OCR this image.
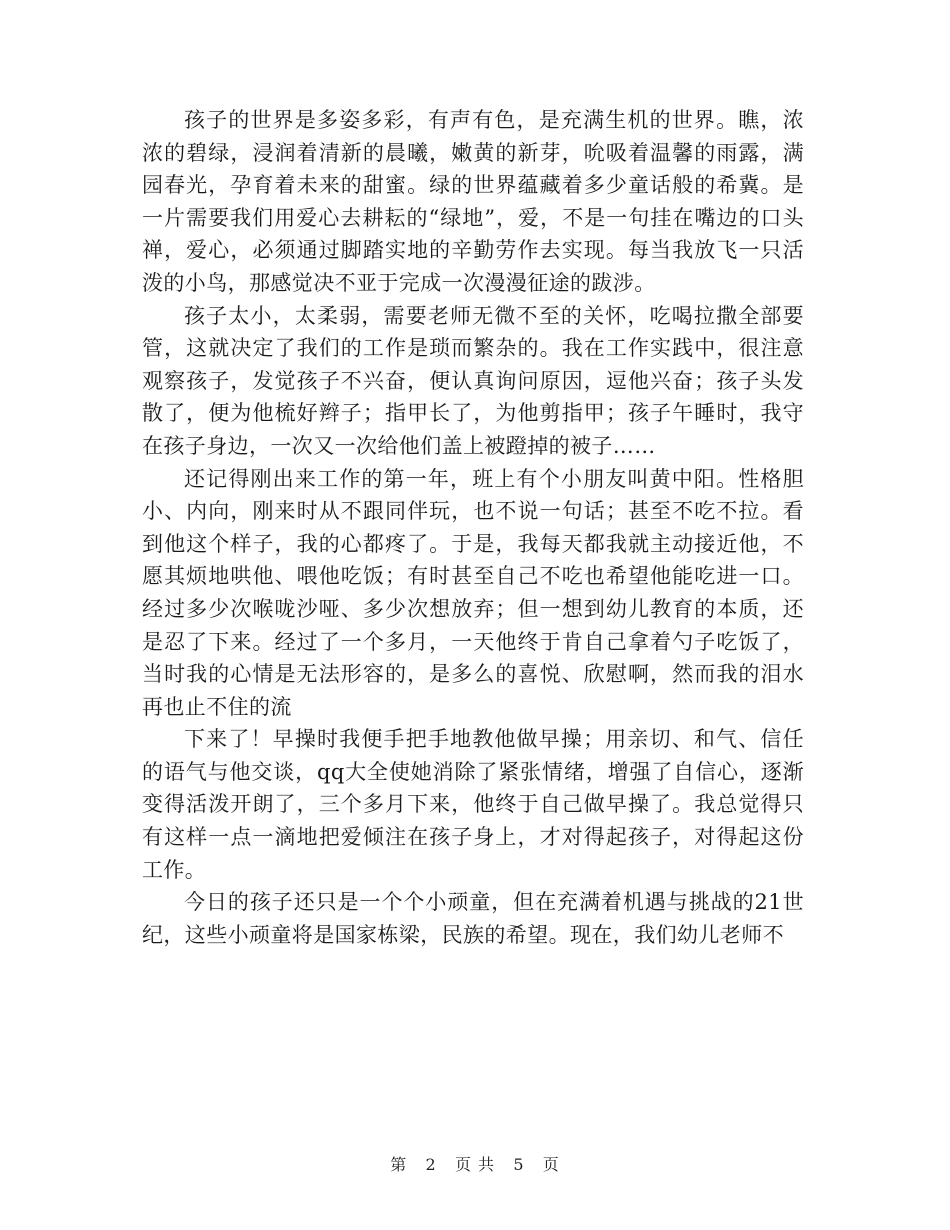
孩子的世界是多姿多彩，有声有色，是充满生机的世界。瞧，浓浓的碧绿，浸润着清新的晨曦，嫩黄的新芽，吮吸着温馨的雨露，满园春光，孕育着未来的甜蜜。绿的世界蕴藏着多少童话般的希冀。是一片需要我们用爱心去耕耘的“绿地”，爱，不是一句挂在嘴边的口头禅，爱心，必须通过脚踏实地的辛勤劳作去实现。每当我放飞一只活泼的小鸟，那感觉决不亚于完成一次漫漫征途的跋涉。

孩子太小，太柔弱，需要老师无微不至的关怀，吃喝拉撒全部要管，这就决定了我们的工作是琐而繁杂的。我在工作实践中，很注意观察孩子，发觉孩子不兴奋，便认真询问原因，逗他兴奋；孩子头发散了，便为他梳好辫子；指甲长了，为他剪指甲；孩子午睡时，我守在孩子身边，一次又一次给他们盖上被蹬掉的被子……

还记得刚出来工作的第一年，班上有个小朋友叫黄中阳。性格胆小、内向，刚来时从不跟同伴玩，也不说一句话；甚至不吃不拉。看到他这个样子，我的心都疼了。于是，我每天都我就主动接近他，不愿其烦地哄他、喂他吃饭；有时甚至自己不吃也希望他能吃进一口。经过多少次喉咙沙哑、多少次想放弃；但一想到幼儿教育的本质，还是忍了下来。经过了一个多月，一天他终于肯自己拿着勺子吃饭了，当时我的心情是无法形容的，是多么的喜悦、欣慰啊，然而我的泪水再也止不住的流

下来了！早操时我便手把手地教他做早操；用亲切、和气、信任的语气与他交谈，qq大全使她消除了紧张情绪，增强了自信心，逐渐变得活泼开朗了，三个多月下来，他终于自己做早操了。我总觉得只有这样一点一滴地把爱倾注在孩子身上，才对得起孩子，对得起这份工作。

今日的孩子还只是一个个小顽童，但在充满着机遇与挑战的21世纪，这些小顽童将是国家栋梁，民族的希望。现在，我们幼儿老师不

第 2 页 共 5 页
